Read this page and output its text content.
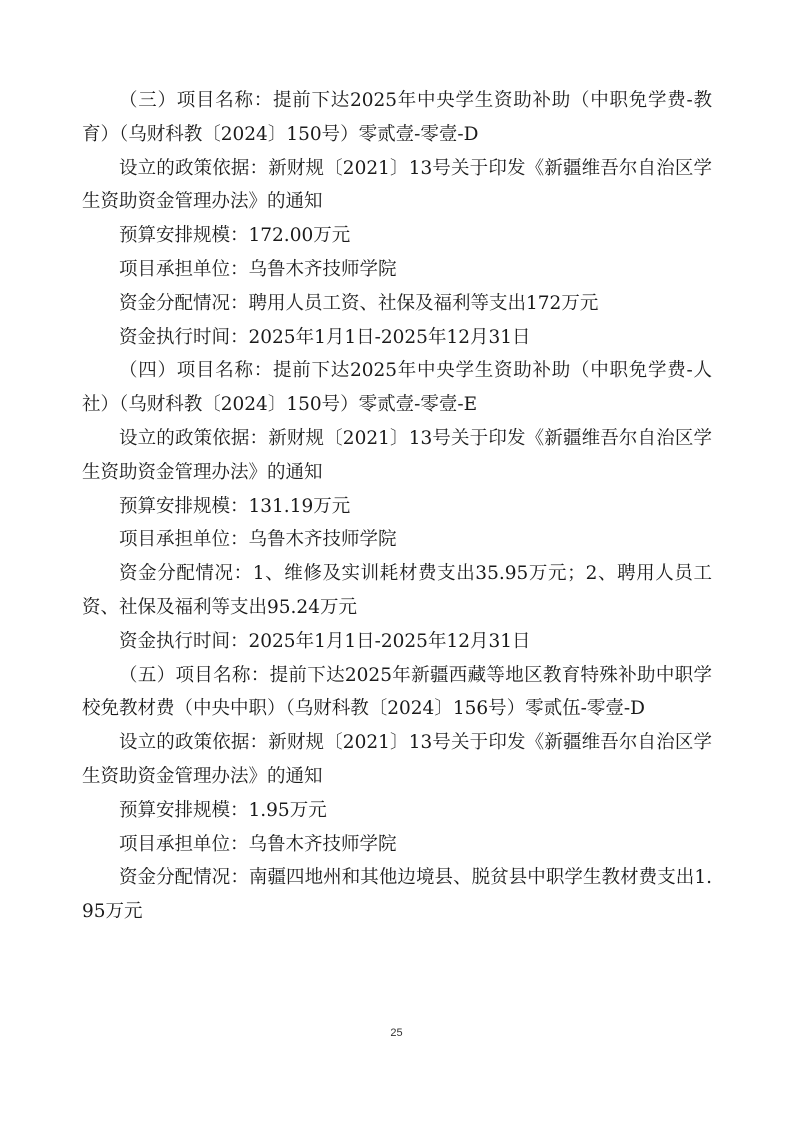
（三）项目名称：提前下达2025年中央学生资助补助（中职免学费-教育）（乌财科教〔2024〕150号）零贰壹-零壹-D

设立的政策依据：新财规〔2021〕13号关于印发《新疆维吾尔自治区学生资助资金管理办法》的通知

预算安排规模：172.00万元

项目承担单位：乌鲁木齐技师学院

资金分配情况：聘用人员工资、社保及福利等支出172万元

资金执行时间：2025年1月1日-2025年12月31日

（四）项目名称：提前下达2025年中央学生资助补助（中职免学费-人社）（乌财科教〔2024〕150号）零贰壹-零壹-E

设立的政策依据：新财规〔2021〕13号关于印发《新疆维吾尔自治区学生资助资金管理办法》的通知

预算安排规模：131.19万元

项目承担单位：乌鲁木齐技师学院

资金分配情况：1、维修及实训耗材费支出35.95万元；2、聘用人员工资、社保及福利等支出95.24万元

资金执行时间：2025年1月1日-2025年12月31日

（五）项目名称：提前下达2025年新疆西藏等地区教育特殊补助中职学校免教材费（中央中职）（乌财科教〔2024〕156号）零贰伍-零壹-D

设立的政策依据：新财规〔2021〕13号关于印发《新疆维吾尔自治区学生资助资金管理办法》的通知

预算安排规模：1.95万元

项目承担单位：乌鲁木齐技师学院

资金分配情况：南疆四地州和其他边境县、脱贫县中职学生教材费支出1.95万元

25
